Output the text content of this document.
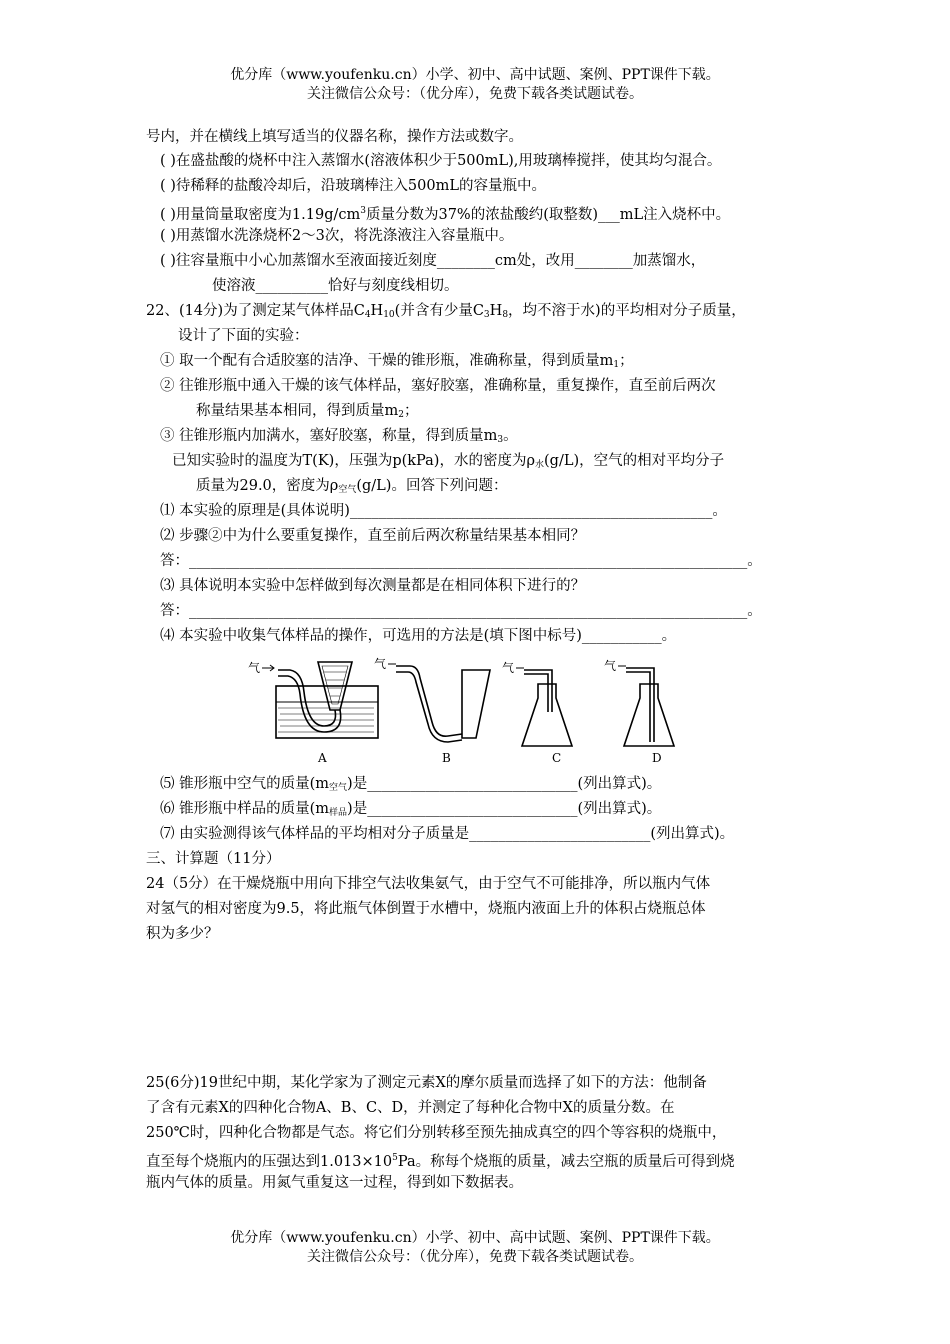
优分库（www.youfenku.cn）小学、初中、高中试题、案例、PPT课件下载。
关注微信公众号：（优分库），免费下载各类试题试卷。
号内，并在横线上填写适当的仪器名称，操作方法或数字。
( )在盛盐酸的烧杯中注入蒸馏水(溶液体积少于500mL),用玻璃棒搅拌，使其均匀混合。
( )待稀释的盐酸冷却后，沿玻璃棒注入500mL的容量瓶中。
( )用量筒量取密度为$1.19g/cm^3$质量分数为37%的浓盐酸约(取整数)___mL注入烧杯中。
( )用蒸馏水洗涤烧杯2～3次，将洗涤液注入容量瓶中。
( )往容量瓶中小心加蒸馏水至液面接近刻度________cm处，改用________加蒸馏水，
使溶液__________恰好与刻度线相切。
22、(14分)为了测定某气体样品$C_4H_{10}$(并含有少量$C_3H_8$，均不溶于水)的平均相对分子质量，
设计了下面的实验：
① 取一个配有合适胶塞的洁净、干燥的锥形瓶，准确称量，得到质量$m_1$；
② 往锥形瓶中通入干燥的该气体样品，塞好胶塞，准确称量，重复操作，直至前后两次
称量结果基本相同，得到质量$m_2$；
③ 往锥形瓶内加满水，塞好胶塞，称量，得到质量$m_3$。
已知实验时的温度为T(K)，压强为p(kPa)，水的密度为$\rho_水(g/L)$，空气的相对平均分子
质量为29.0，密度为$\rho_{空气}(g/L)$。回答下列问题：
⑴ 本实验的原理是(具体说明)__________________________________________________。
⑵ 步骤②中为什么要重复操作，直至前后两次称量结果基本相同？
答：_____________________________________________________________________________。
⑶ 具体说明本实验中怎样做到每次测量都是在相同体积下进行的？
答：_____________________________________________________________________________。
⑷ 本实验中收集气体样品的操作，可选用的方法是(填下图中标号)___________。
气	气	气	气
A	B	C	D
⑸ 锥形瓶中空气的质量$(m_{空气})$是_____________________________(列出算式)。
⑹ 锥形瓶中样品的质量$(m_{样品})$是_____________________________(列出算式)。
⑺ 由实验测得该气体样品的平均相对分子质量是_________________________(列出算式)。
三、计算题（11分）
24（5分）在干燥烧瓶中用向下排空气法收集氨气，由于空气不可能排净，所以瓶内气体
对氢气的相对密度为9.5，将此瓶气体倒置于水槽中，烧瓶内液面上升的体积占烧瓶总体
积为多少？
25(6分)19世纪中期，某化学家为了测定元素X的摩尔质量而选择了如下的方法：他制备
了含有元素X的四种化合物A、B、C、D，并测定了每种化合物中X的质量分数。在
250℃时，四种化合物都是气态。将它们分别转移至预先抽成真空的四个等容积的烧瓶中，
直至每个烧瓶内的压强达到$1.013\times 10^5Pa$。称每个烧瓶的质量，减去空瓶的质量后可得到烧
瓶内气体的质量。用氮气重复这一过程，得到如下数据表。
优分库（www.youfenku.cn）小学、初中、高中试题、案例、PPT课件下载。
关注微信公众号：（优分库），免费下载各类试题试卷。
